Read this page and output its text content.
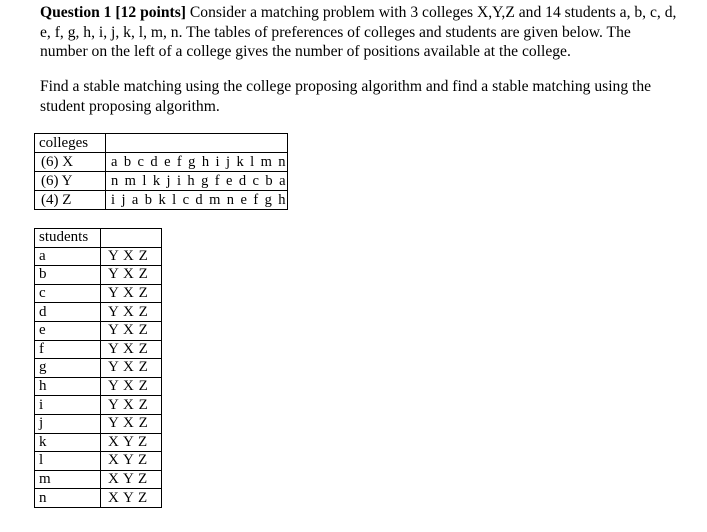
Question 1 [12 points] Consider a matching problem with 3 colleges X,Y,Z and 14 students a, b, c, d, e, f, g, h, i, j, k, l, m, n. The tables of preferences of colleges and students are given below. The number on the left of a college gives the number of positions available at the college.

Find a stable matching using the college proposing algorithm and find a stable matching using the student proposing algorithm.

colleges	
(6) X	a b c d e f g h i j k l m n
(6) Y	n m l k j i h g f e d c b a
(4) Z	i j a b k l c d m n e f g h
students	
a	Y X Z
b	Y X Z
c	Y X Z
d	Y X Z
e	Y X Z
f	Y X Z
g	Y X Z
h	Y X Z
i	Y X Z
j	Y X Z
k	X Y Z
l	X Y Z
m	X Y Z
n	X Y Z
